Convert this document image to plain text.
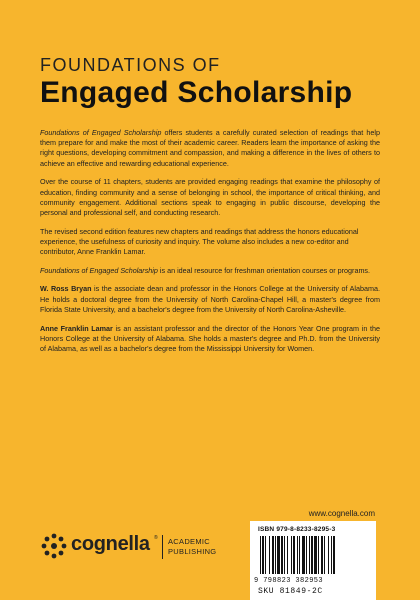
FOUNDATIONS OF
Engaged Scholarship

Foundations of Engaged Scholarship offers students a carefully curated selection of readings that help them prepare for and make the most of their academic career. Readers learn the importance of asking the right questions, developing commitment and compassion, and making a difference in the lives of others to achieve an effective and rewarding educational experience.

Over the course of 11 chapters, students are provided engaging readings that examine the philosophy of education, finding community and a sense of belonging in school, the importance of critical thinking, and community engagement. Additional sections speak to engaging in public discourse, developing the personal and professional self, and conducting research.

The revised second edition features new chapters and readings that address the honors educational experience, the usefulness of curiosity and inquiry. The volume also includes a new co-editor and contributor, Anne Franklin Lamar.

Foundations of Engaged Scholarship is an ideal resource for freshman orientation courses or programs.

W. Ross Bryan is the associate dean and professor in the Honors College at the University of Alabama. He holds a doctoral degree from the University of North Carolina-Chapel Hill, a master's degree from Florida State University, and a bachelor's degree from the University of North Carolina-Asheville.

Anne Franklin Lamar is an assistant professor and the director of the Honors Year One program in the Honors College at the University of Alabama. She holds a master's degree and Ph.D. from the University of Alabama, as well as a bachelor's degree from the Mississippi University for Women.

www.cognella.com
ISBN 979-8-8233-8295-3
9 798823 382953
SKU 81849-2C
cognella ® ACADEMIC
PUBLISHING
